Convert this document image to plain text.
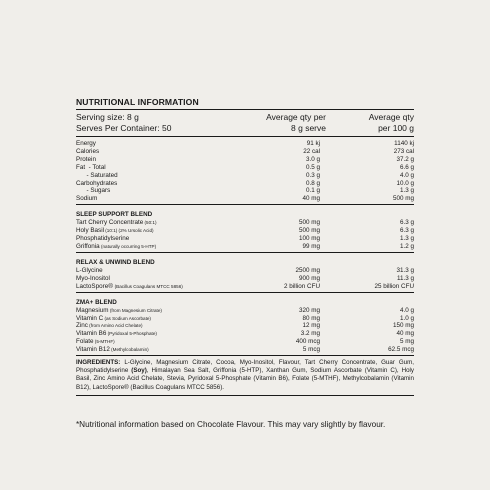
NUTRITIONAL INFORMATION
Serving size: 8 g
Serves Per Container: 50
Average qty per
8 g serve
Average qty
per 100 g
Energy	91 kj	1140 kj
Calories	22 cal	273 cal
Protein	3.0 g	37.2 g
Fat  - Total	0.5 g	6.6 g
- Saturated	0.3 g	4.0 g
Carbohydrates	0.8 g	10.0 g
- Sugars	0.1 g	1.3 g
Sodium	40 mg	500 mg
SLEEP SUPPORT BLEND
Tart Cherry Concentrate (50:1)	500 mg	6.3 g
Holy Basil (10:1) (2% Ursolic Acid)	500 mg	6.3 g
Phosphatidylserine	100 mg	1.3 g
Griffonia (naturally occurring 5-HTP)	99 mg	1.2 g
RELAX & UNWIND BLEND
L-Glycine	2500 mg	31.3 g
Myo-Inositol	900 mg	11.3 g
LactoSpore® (Bacillus Coagulans MTCC 5856)	2 billion CFU	25 billion CFU
ZMA+ BLEND
Magnesium (from Magnesium Citrate)	320 mg	4.0 g
Vitamin C (as Sodium Ascorbate)	80 mg	1.0 g
Zinc (from Amino Acid Chelate)	12 mg	150 mg
Vitamin B6 (Pyridoxal 5-Phosphate)	3.2 mg	40 mg
Folate (5-MTHF)	400 mcg	5 mg
Vitamin B12 (Methylcobalamin)	5 mcg	62.5 mcg
INGREDIENTS: L-Glycine, Magnesium Citrate, Cocoa, Myo-Inositol, Flavour, Tart Cherry Concentrate, Guar Gum, Phosphatidylserine (Soy), Himalayan Sea Salt, Griffonia (5-HTP), Xanthan Gum, Sodium Ascorbate (Vitamin C), Holy Basil, Zinc Amino Acid Chelate, Stevia, Pyridoxal 5-Phosphate (Vitamin B6), Folate (5-MTHF), Methylcobalamin (Vitamin B12), LactoSpore® (Bacillus Coagulans MTCC 5856).
*Nutritional information based on Chocolate Flavour. This may vary slightly by flavour.
